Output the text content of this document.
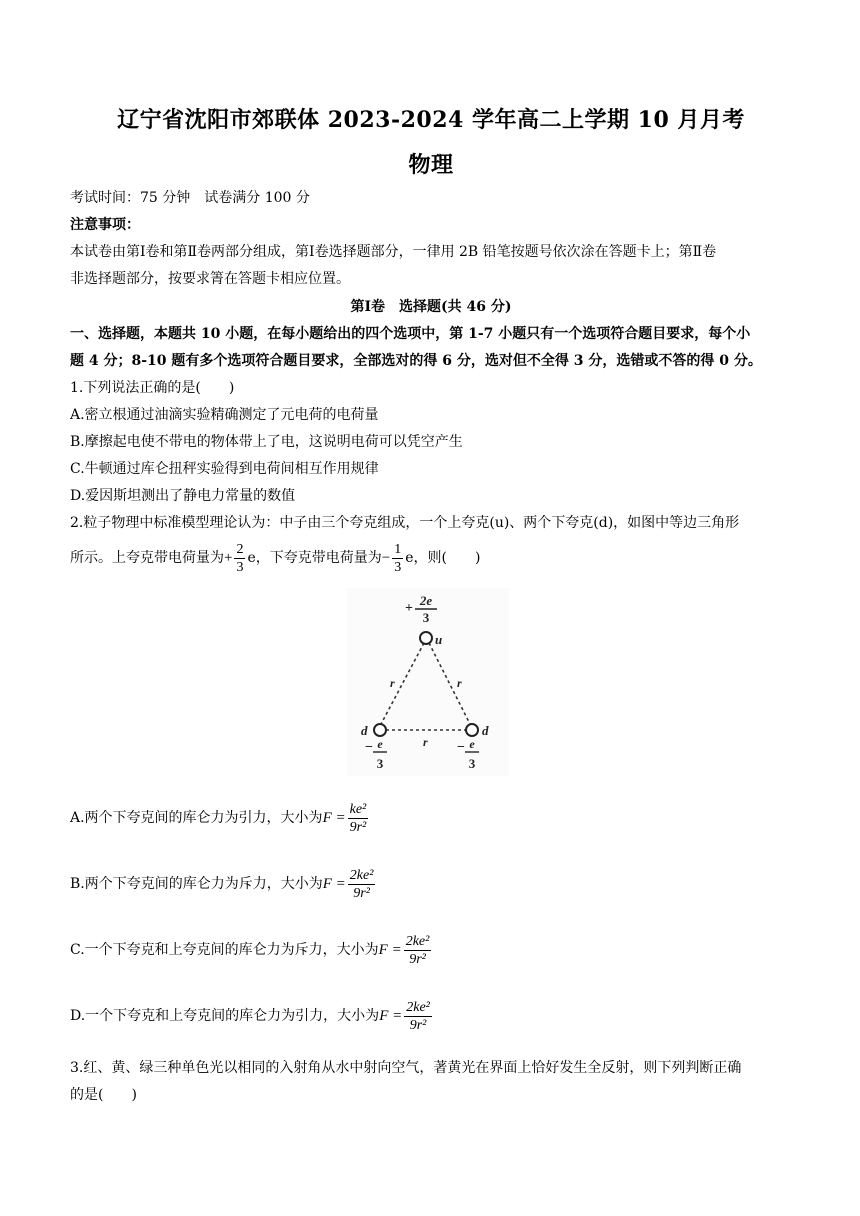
辽宁省沈阳市郊联体 2023-2024 学年高二上学期 10 月月考
物理
考试时间：75 分钟　试卷满分 100 分
注意事项：
本试卷由第Ⅰ卷和第Ⅱ卷两部分组成，第Ⅰ卷选择题部分，一律用 2B 铅笔按题号依次涂在答题卡上；第Ⅱ卷
非选择题部分，按要求箐在答题卡相应位置。
第Ⅰ卷　选择题(共 46 分)
一、选择题，本题共 10 小题，在每小题给出的四个选项中，第 1-7 小题只有一个选项符合题目要求，每个小
题 4 分；8-10 题有多个选项符合题目要求，全部选对的得 6 分，选对但不全得 3 分，选错或不答的得 0 分。
1.下列说法正确的是(　　)
A.密立根通过油滴实验精确测定了元电荷的电荷量
B.摩擦起电使不带电的物体带上了电，这说明电荷可以凭空产生
C.牛顿通过库仑扭秤实验得到电荷间相互作用规律
D.爱因斯坦测出了静电力常量的数值
2.粒子物理中标准模型理论认为：中子由三个夸克组成，一个上夸克(u)、两个下夸克(d)，如图中等边三角形
所示。上夸克带电荷量为+ $\frac{2}{3}$ e，下夸克带电荷量为− $\frac{1}{3}$ e，则(　　)
+
2e
3
u
d	d
r	r
r
− e
3
− e
3
A.两个下夸克间的库仑力为引力，大小为$F = \frac{\text{ke²}}{\text{9r²}}$
B.两个下夸克间的库仑力为斥力，大小为$F = \frac{\text{2ke²}}{\text{9r²}}$
C.一个下夸克和上夸克间的库仑力为斥力，大小为$F = \frac{\text{2ke²}}{\text{9r²}}$
D.一个下夸克和上夸克间的库仑力为引力，大小为$F = \frac{\text{2ke²}}{\text{9r²}}$
3.红、黄、绿三种单色光以相同的入射角从水中射向空气，著黄光在界面上恰好发生全反射，则下列判断正确
的是(　　)
